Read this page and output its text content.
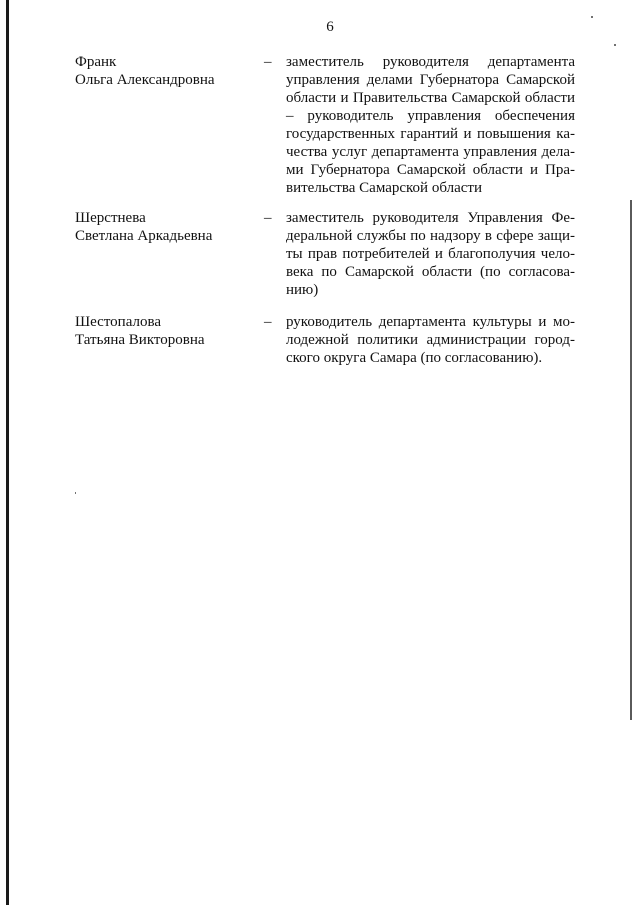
6
Франк
Ольга Александровна
– заместитель руководителя департамента управления делами Губернатора Самарской области и Правительства Самарской области – руководитель управления обеспечения государственных гарантий и повышения качества услуг департамента управления делами Губернатора Самарской области и Правительства Самарской области
Шерстнева
Светлана Аркадьевна
– заместитель руководителя Управления Федеральной службы по надзору в сфере защиты прав потребителей и благополучия человека по Самарской области (по согласованию)
Шестопалова
Татьяна Викторовна
– руководитель департамента культуры и молодежной политики администрации городского округа Самара (по согласованию).
